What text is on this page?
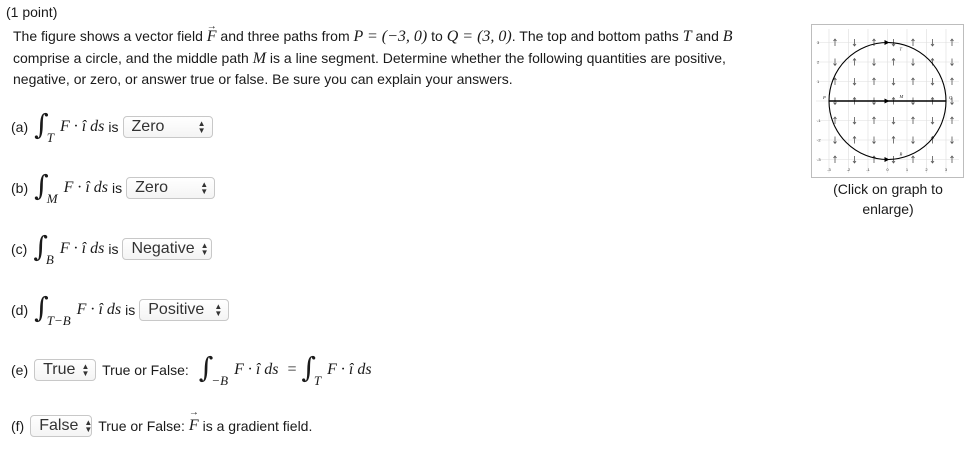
(1 point)
The figure shows a vector field → F and three paths from P = (−3, 0) to Q = (3, 0). The top and bottom paths T and B comprise a circle, and the middle path M is a line segment. Determine whether the following quantities are positive, negative, or zero, or answer true or false. Be sure you can explain your answers.
(a) ∫
T
F · î ds is Zero	▲
▼
(b) ∫
M
F · î ds is Zero	▲
▼
(c) ∫
B
F · î ds is Negative ▲
▼
(d) ∫
T−B
F · î ds is Positive ▲
▼
(e) True ▲
▼ True or False: ∫
−B
F · î ds = ∫
T
F · î ds
(f) False ▲
▼ True or False:
→ F is a gradient field.
-3	-2	-1	0	1	2	3
3
2
1
-1
-2
-3
T
P	M	Q
B
(Click on graph to enlarge)
